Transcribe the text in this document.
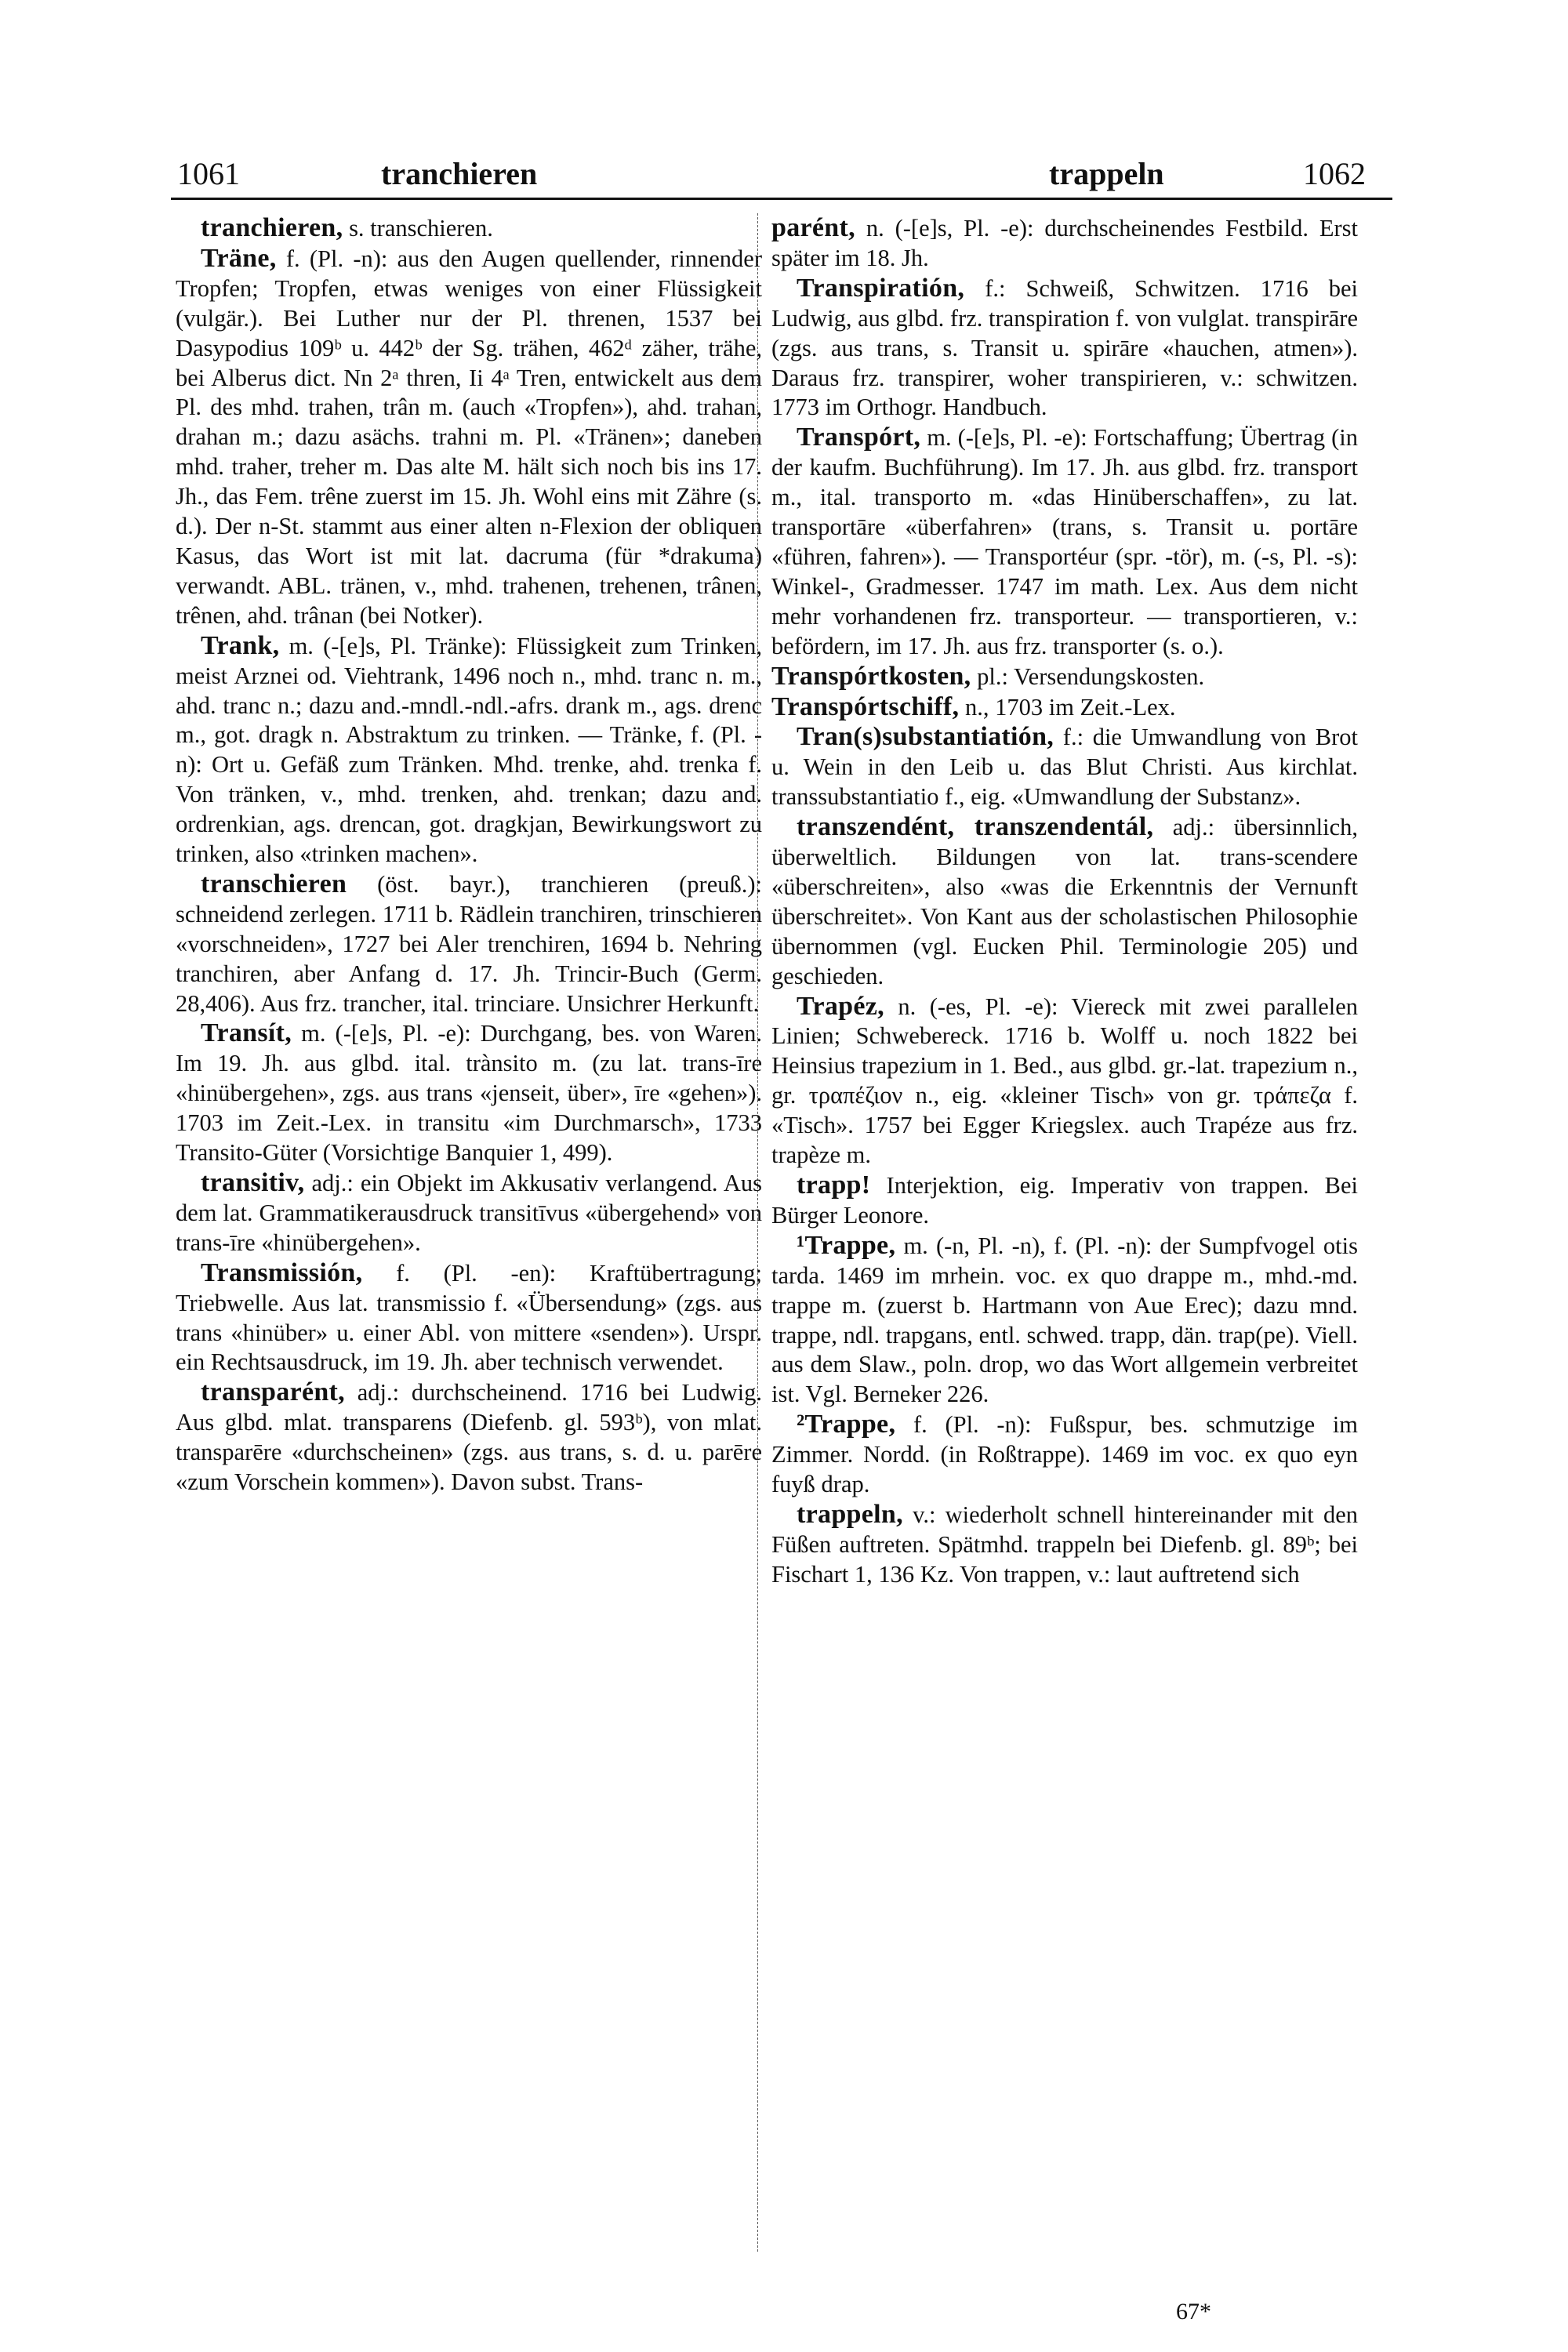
1061	tranchieren	trappeln	1062

tranchieren, s. transchieren.

Träne, f. (Pl. -n): aus den Augen quellender, rinnender Tropfen; Tropfen, etwas weniges von einer Flüssigkeit (vulgär.). Bei Luther nur der Pl. threnen, 1537 bei Dasypodius 109ᵇ u. 442ᵇ der Sg. trähen, 462ᵈ zäher, trähe, bei Alberus dict. Nn 2ᵃ thren, Ii 4ᵃ Tren, entwickelt aus dem Pl. des mhd. trahen, trân m. (auch «Tropfen»), ahd. trahan, drahan m.; dazu asächs. trahni m. Pl. «Tränen»; daneben mhd. traher, treher m. Das alte M. hält sich noch bis ins 17. Jh., das Fem. trêne zuerst im 15. Jh. Wohl eins mit Zähre (s. d.). Der n-St. stammt aus einer alten n-Flexion der obliquen Kasus, das Wort ist mit lat. dacruma (für *drakuma) verwandt. ABL. tränen, v., mhd. trahenen, trehenen, trânen, trênen, ahd. trânan (bei Notker).

Trank, m. (-[e]s, Pl. Tränke): Flüssigkeit zum Trinken, meist Arznei od. Viehtrank, 1496 noch n., mhd. tranc n. m., ahd. tranc n.; dazu and.-mndl.-ndl.-afrs. drank m., ags. drenc m., got. dragk n. Abstraktum zu trinken. — Tränke, f. (Pl. -n): Ort u. Gefäß zum Tränken. Mhd. trenke, ahd. trenka f. Von tränken, v., mhd. trenken, ahd. trenkan; dazu and. ordrenkian, ags. drencan, got. dragkjan, Bewirkungswort zu trinken, also «trinken machen».

transchieren (öst. bayr.), tranchieren (preuß.): schneidend zerlegen. 1711 b. Rädlein tranchiren, trinschieren «vorschneiden», 1727 bei Aler trenchiren, 1694 b. Nehring tranchiren, aber Anfang d. 17. Jh. Trincir-Buch (Germ. 28,406). Aus frz. trancher, ital. trinciare. Unsichrer Herkunft.

Transít, m. (-[e]s, Pl. -e): Durchgang, bes. von Waren. Im 19. Jh. aus glbd. ital. trànsito m. (zu lat. trans-īre «hinübergehen», zgs. aus trans «jenseit, über», īre «gehen»). 1703 im Zeit.-Lex. in transitu «im Durchmarsch», 1733 Transito-Güter (Vorsichtige Banquier 1, 499).

transitiv, adj.: ein Objekt im Akkusativ verlangend. Aus dem lat. Grammatikerausdruck transitīvus «übergehend» von trans-īre «hinübergehen».

Transmissión, f. (Pl. -en): Kraftübertragung; Triebwelle. Aus lat. transmissio f. «Übersendung» (zgs. aus trans «hinüber» u. einer Abl. von mittere «senden»). Urspr. ein Rechtsausdruck, im 19. Jh. aber technisch verwendet.

transparént, adj.: durchscheinend. 1716 bei Ludwig. Aus glbd. mlat. transparens (Diefenb. gl. 593ᵇ), von mlat. transparēre «durchscheinen» (zgs. aus trans, s. d. u. parēre «zum Vorschein kommen»). Davon subst. Trans-

parént, n. (-[e]s, Pl. -e): durchscheinendes Festbild. Erst später im 18. Jh.

Transpiratión, f.: Schweiß, Schwitzen. 1716 bei Ludwig, aus glbd. frz. transpiration f. von vulglat. transpirāre (zgs. aus trans, s. Transit u. spirāre «hauchen, atmen»). Daraus frz. transpirer, woher transpirieren, v.: schwitzen. 1773 im Orthogr. Handbuch.

Transpórt, m. (-[e]s, Pl. -e): Fortschaffung; Übertrag (in der kaufm. Buchführung). Im 17. Jh. aus glbd. frz. transport m., ital. transporto m. «das Hinüberschaffen», zu lat. transportāre «überfahren» (trans, s. Transit u. portāre «führen, fahren»). — Transportéur (spr. -tör), m. (-s, Pl. -s): Winkel-, Gradmesser. 1747 im math. Lex. Aus dem nicht mehr vorhandenen frz. transporteur. — transportieren, v.: befördern, im 17. Jh. aus frz. transporter (s. o.).

Transpórtkosten, pl.: Versendungskosten.

Transpórtschiff, n., 1703 im Zeit.-Lex.

Tran(s)substantiatión, f.: die Umwandlung von Brot u. Wein in den Leib u. das Blut Christi. Aus kirchlat. transsubstantiatio f., eig. «Umwandlung der Substanz».

transzendént, transzendentál, adj.: übersinnlich, überweltlich. Bildungen von lat. trans-scendere «überschreiten», also «was die Erkenntnis der Vernunft überschreitet». Von Kant aus der scholastischen Philosophie übernommen (vgl. Eucken Phil. Terminologie 205) und geschieden.

Trapéz, n. (-es, Pl. -e): Viereck mit zwei parallelen Linien; Schwebereck. 1716 b. Wolff u. noch 1822 bei Heinsius trapezium in 1. Bed., aus glbd. gr.-lat. trapezium n., gr. τραπέζιον n., eig. «kleiner Tisch» von gr. τράπεζα f. «Tisch». 1757 bei Egger Kriegslex. auch Trapéze aus frz. trapèze m.

trapp! Interjektion, eig. Imperativ von trappen. Bei Bürger Leonore.

¹Trappe, m. (-n, Pl. -n), f. (Pl. -n): der Sumpfvogel otis tarda. 1469 im mrhein. voc. ex quo drappe m., mhd.-md. trappe m. (zuerst b. Hartmann von Aue Erec); dazu mnd. trappe, ndl. trapgans, entl. schwed. trapp, dän. trap(pe). Viell. aus dem Slaw., poln. drop, wo das Wort allgemein verbreitet ist. Vgl. Berneker 226.

²Trappe, f. (Pl. -n): Fußspur, bes. schmutzige im Zimmer. Nordd. (in Roßtrappe). 1469 im voc. ex quo eyn fuyß drap.

trappeln, v.: wiederholt schnell hintereinander mit den Füßen auftreten. Spätmhd. trappeln bei Diefenb. gl. 89ᵇ; bei Fischart 1, 136 Kz. Von trappen, v.: laut auftretend sich

67*
